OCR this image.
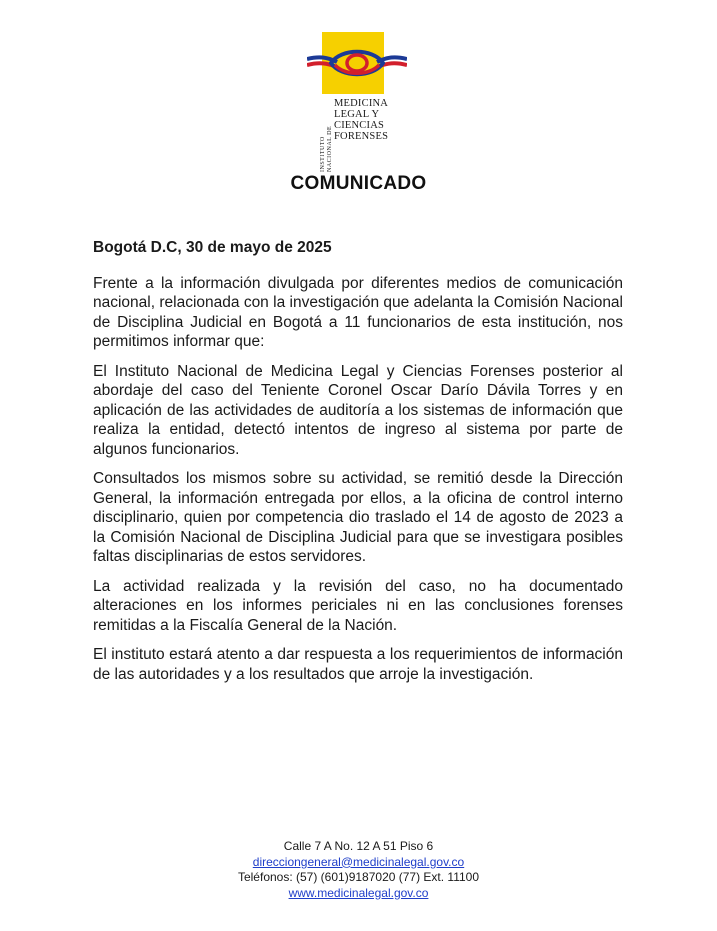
INSTITUTO
NACIONAL DE
MEDICINA
LEGAL Y
CIENCIAS
FORENSES
COMUNICADO

Bogotá D.C, 30 de mayo de 2025

Frente a la información divulgada por diferentes medios de comunicación nacional, relacionada con la investigación que adelanta la Comisión Nacional de Disciplina Judicial en Bogotá a 11 funcionarios de esta institución, nos permitimos informar que:

El Instituto Nacional de Medicina Legal y Ciencias Forenses posterior al abordaje del caso del Teniente Coronel Oscar Darío Dávila Torres y en aplicación de las actividades de auditoría a los sistemas de información que realiza la entidad, detectó intentos de ingreso al sistema por parte de algunos funcionarios.

Consultados los mismos sobre su actividad, se remitió desde la Dirección General, la información entregada por ellos, a la oficina de control interno disciplinario, quien por competencia dio traslado el 14 de agosto de 2023 a la Comisión Nacional de Disciplina Judicial para que se investigara posibles faltas disciplinarias de estos servidores.

La actividad realizada y la revisión del caso, no ha documentado alteraciones en los informes periciales ni en las conclusiones forenses remitidas a la Fiscalía General de la Nación.

El instituto estará atento a dar respuesta a los requerimientos de información de las autoridades y a los resultados que arroje la investigación.

Calle 7 A No. 12 A 51 Piso 6
direcciongeneral@medicinalegal.gov.co
Teléfonos: (57) (601)9187020 (77) Ext. 11100
www.medicinalegal.gov.co
